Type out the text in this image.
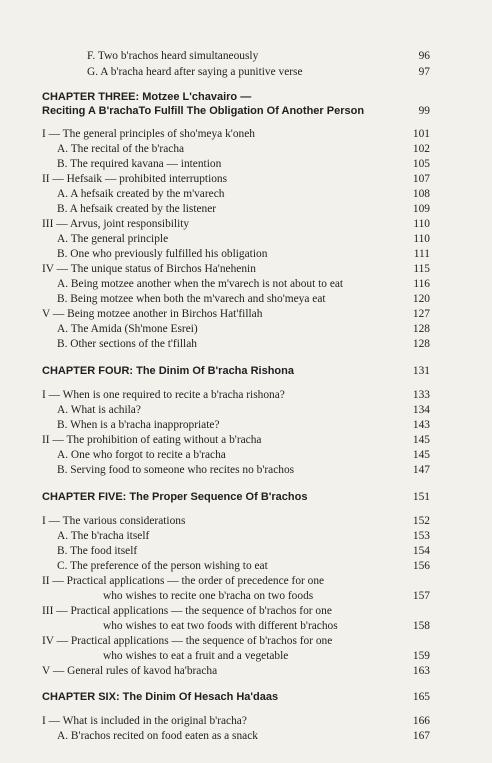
F. Two b'rachos heard simultaneously	96
G. A b'racha heard after saying a punitive verse	97
CHAPTER THREE: Motzee L'chavairo —
Reciting A B'rachaTo Fulfill The Obligation Of Another Person	99
I — The general principles of sho'meya k'oneh	101
A. The recital of the b'racha	102
B. The required kavana — intention	105
II — Hefsaik — prohibited interruptions	107
A. A hefsaik created by the m'varech	108
B. A hefsaik created by the listener	109
III — Arvus, joint responsibility	110
A. The general principle	110
B. One who previously fulfilled his obligation	111
IV — The unique status of Birchos Ha'nehenin	115
A. Being motzee another when the m'varech is not about to eat	116
B. Being motzee when both the m'varech and sho'meya eat	120
V — Being motzee another in Birchos Hat'fillah	127
A. The Amida (Sh'mone Esrei)	128
B. Other sections of the t'fillah	128
CHAPTER FOUR: The Dinim Of B'racha Rishona	131
I — When is one required to recite a b'racha rishona?	133
A. What is achila?	134
B. When is a b'racha inappropriate?	143
II — The prohibition of eating without a b'racha	145
A. One who forgot to recite a b'racha	145
B. Serving food to someone who recites no b'rachos	147
CHAPTER FIVE: The Proper Sequence Of B'rachos	151
I — The various considerations	152
A. The b'racha itself	153
B. The food itself	154
C. The preference of the person wishing to eat	156
II — Practical applications — the order of precedence for one
who wishes to recite one b'racha on two foods	157
III — Practical applications — the sequence of b'rachos for one
who wishes to eat two foods with different b'rachos	158
IV — Practical applications — the sequence of b'rachos for one
who wishes to eat a fruit and a vegetable	159
V — General rules of kavod ha'bracha	163
CHAPTER SIX: The Dinim Of Hesach Ha'daas	165
I — What is included in the original b'racha?	166
A. B'rachos recited on food eaten as a snack	167
